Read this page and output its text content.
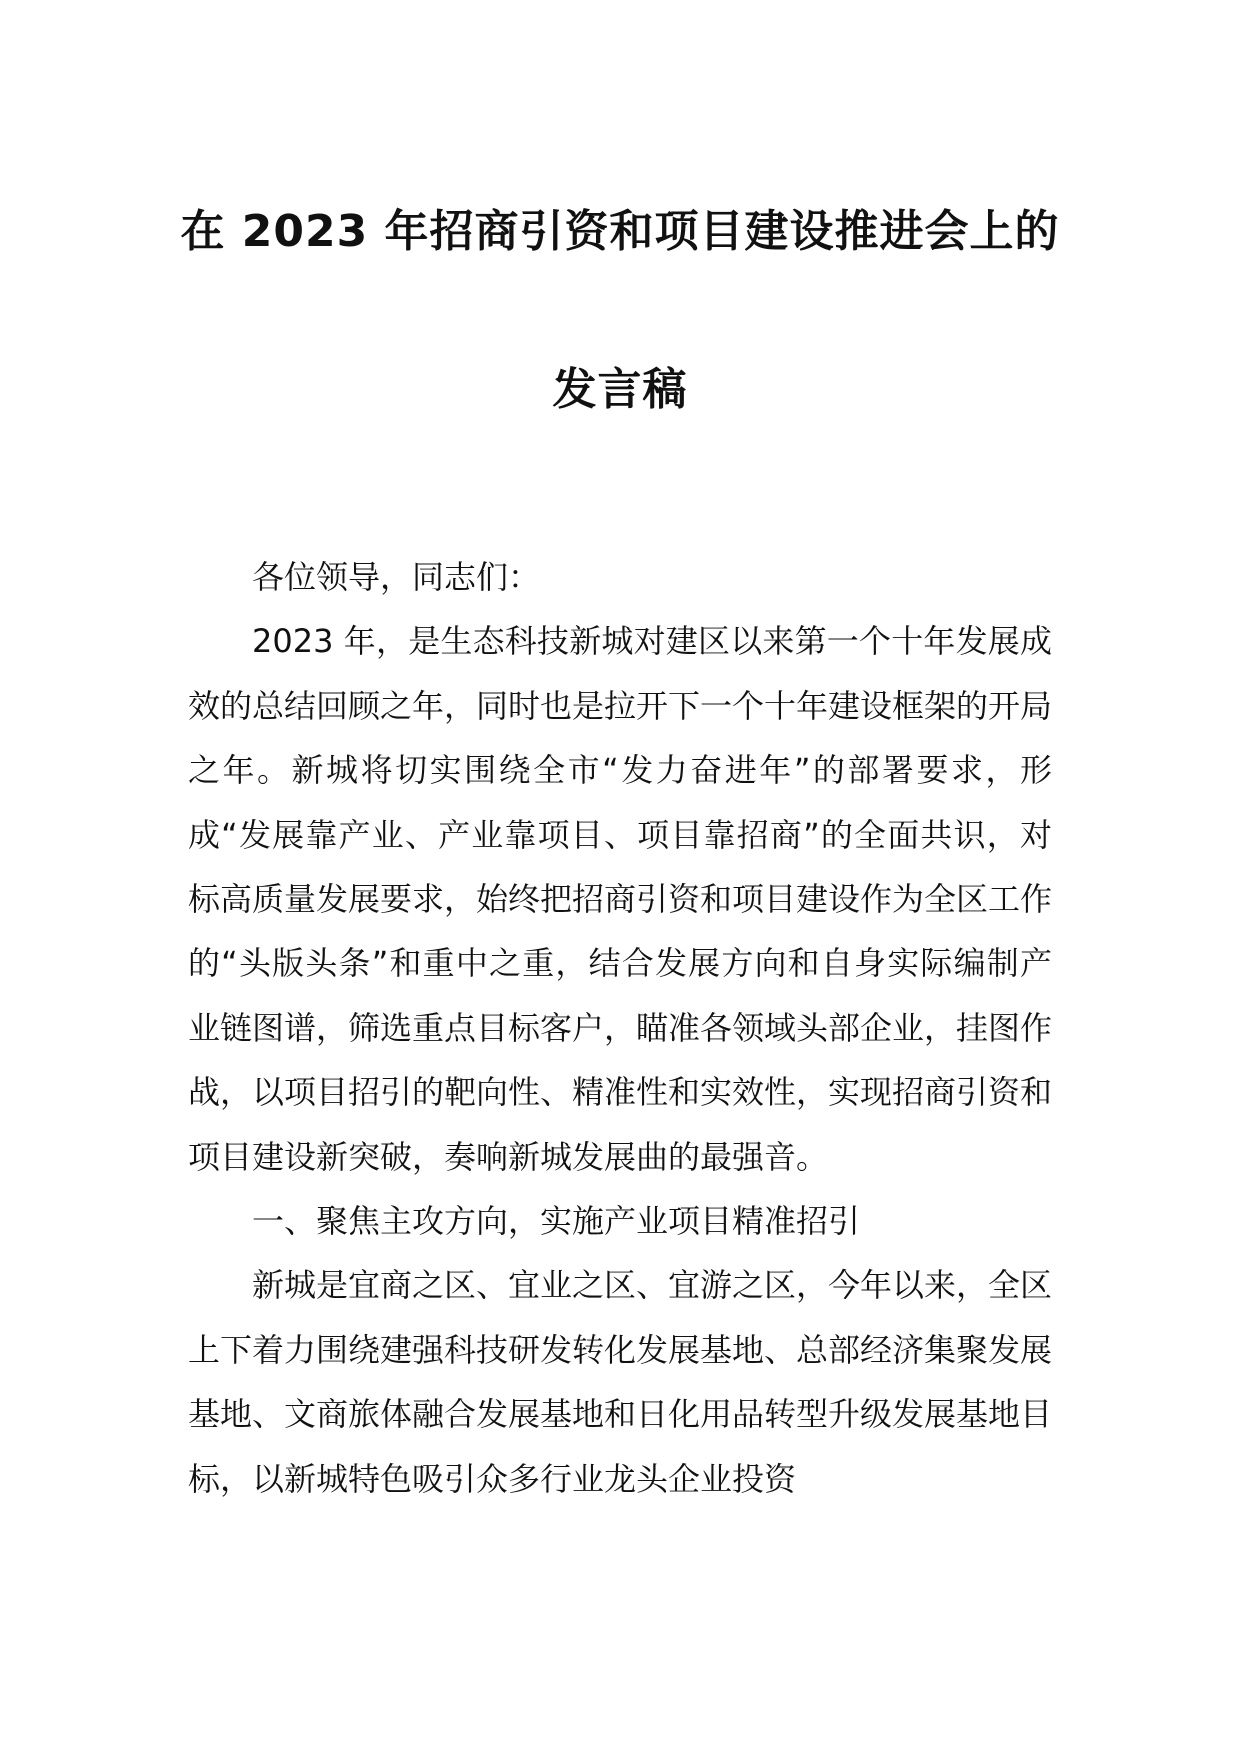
在 2023 年招商引资和项目建设推进会上的
发言稿

各位领导，同志们：

2023 年，是生态科技新城对建区以来第一个十年发展成效的总结回顾之年，同时也是拉开下一个十年建设框架的开局之年。新城将切实围绕全市“发力奋进年”的部署要求，形成“发展靠产业、产业靠项目、项目靠招商”的全面共识，对标高质量发展要求，始终把招商引资和项目建设作为全区工作的“头版头条”和重中之重，结合发展方向和自身实际编制产业链图谱，筛选重点目标客户，瞄准各领域头部企业，挂图作战，以项目招引的靶向性、精准性和实效性，实现招商引资和项目建设新突破，奏响新城发展曲的最强音。

一、聚焦主攻方向，实施产业项目精准招引

新城是宜商之区、宜业之区、宜游之区，今年以来，全区上下着力围绕建强科技研发转化发展基地、总部经济集聚发展基地、文商旅体融合发展基地和日化用品转型升级发展基地目标，以新城特色吸引众多行业龙头企业投资
